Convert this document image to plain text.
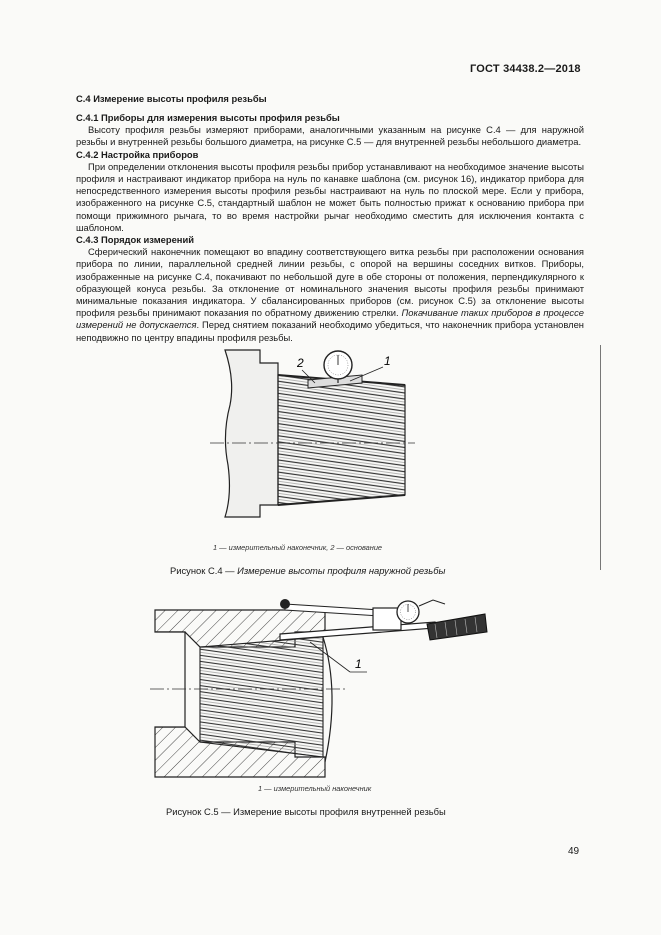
ГОСТ 34438.2—2018
C.4 Измерение высоты профиля резьбы
C.4.1 Приборы для измерения высоты профиля резьбы

Высоту профиля резьбы измеряют приборами, аналогичными указанным на рисунке С.4 — для наружной резьбы и внутренней резьбы большого диаметра, на рисунке С.5 — для внутренней резьбы небольшого диаметра.

C.4.2 Настройка приборов

При определении отклонения высоты профиля резьбы прибор устанавливают на необходимое значение высоты профиля и настраивают индикатор прибора на нуль по канавке шаблона (см. рисунок 16), индикатор прибора для непосредственного измерения высоты профиля резьбы настраивают на нуль по плоской мере. Если у прибора, изображенного на рисунке С.5, стандартный шаблон не может быть полностью прижат к основанию прибора при помощи прижимного рычага, то во время настройки рычаг необходимо сместить для исключения контакта с шаблоном.

C.4.3 Порядок измерений

Сферический наконечник помещают во впадину соответствующего витка резьбы при расположении основания прибора по линии, параллельной средней линии резьбы, с опорой на вершины соседних витков. Приборы, изображенные на рисунке С.4, покачивают по небольшой дуге в обе стороны от положения, перпендикулярного к образующей конуса резьбы. За отклонение от номинального значения высоты профиля резьбы принимают минимальные показания индикатора. У сбалансированных приборов (см. рисунок С.5) за отклонение высоты профиля резьбы принимают показания по обратному движению стрелки. Покачивание таких приборов в процессе измерений не допускается. Перед снятием показаний необходимо убедиться, что наконечник прибора установлен неподвижно по центру впадины профиля резьбы.

2	1
1 — измерительный наконечник, 2 — основание
Рисунок С.4 — Измерение высоты профиля наружной резьбы
1
1 — измерительный наконечник
Рисунок С.5 — Измерение высоты профиля внутренней резьбы
49
